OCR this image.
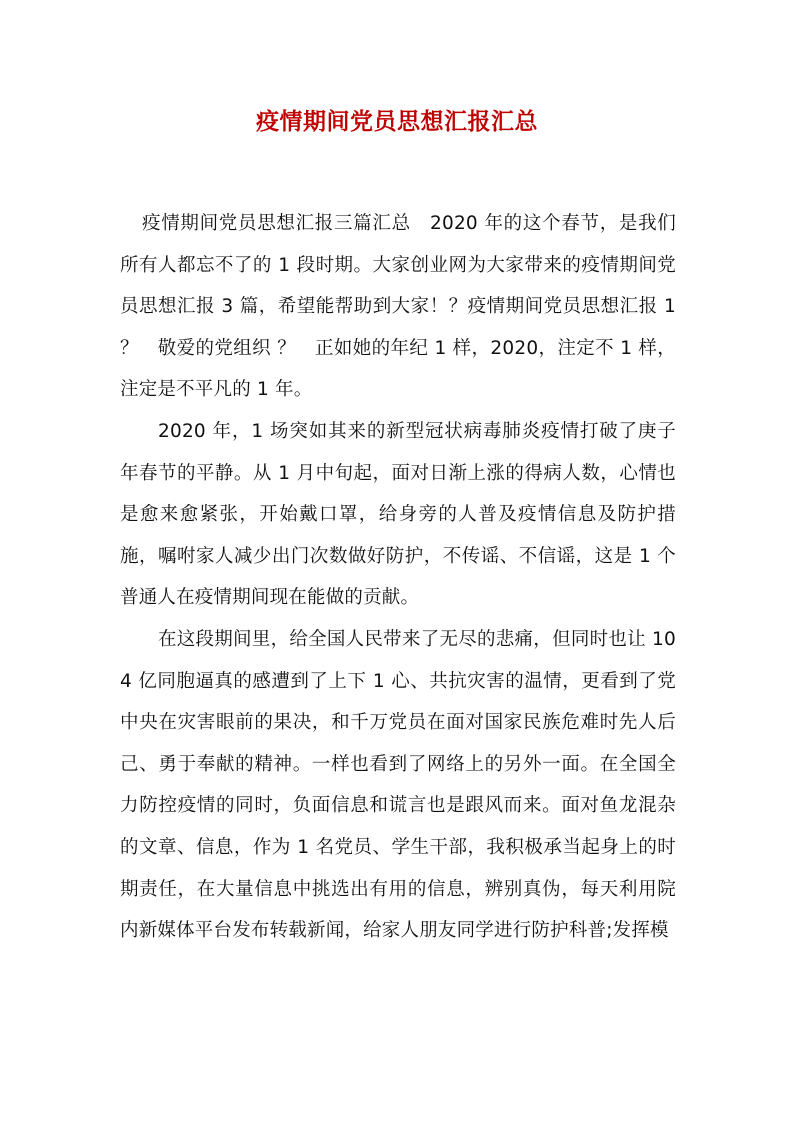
疫情期间党员思想汇报汇总

疫情期间党员思想汇报三篇汇总　2020 年的这个春节，是我们所有人都忘不了的 1 段时期。大家创业网为大家带来的疫情期间党员思想汇报 3 篇，希望能帮助到大家！？疫情期间党员思想汇报 1 ？　敬爱的党组织 ？　正如她的年纪 1 样，2020，注定不 1 样，注定是不平凡的 1 年。

2020 年，1 场突如其来的新型冠状病毒肺炎疫情打破了庚子年春节的平静。从 1 月中旬起，面对日渐上涨的得病人数，心情也是愈来愈紧张，开始戴口罩，给身旁的人普及疫情信息及防护措施，嘱咐家人减少出门次数做好防护，不传谣、不信谣，这是 1 个普通人在疫情期间现在能做的贡献。

在这段期间里，给全国人民带来了无尽的悲痛，但同时也让 104 亿同胞逼真的感遭到了上下 1 心、共抗灾害的温情，更看到了党中央在灾害眼前的果决，和千万党员在面对国家民族危难时先人后己、勇于奉献的精神。一样也看到了网络上的另外一面。在全国全力防控疫情的同时，负面信息和谎言也是跟风而来。面对鱼龙混杂的文章、信息，作为 1 名党员、学生干部，我积极承当起身上的时期责任，在大量信息中挑选出有用的信息，辨别真伪，每天利用院内新媒体平台发布转载新闻，给家人朋友同学进行防护科普;发挥模
